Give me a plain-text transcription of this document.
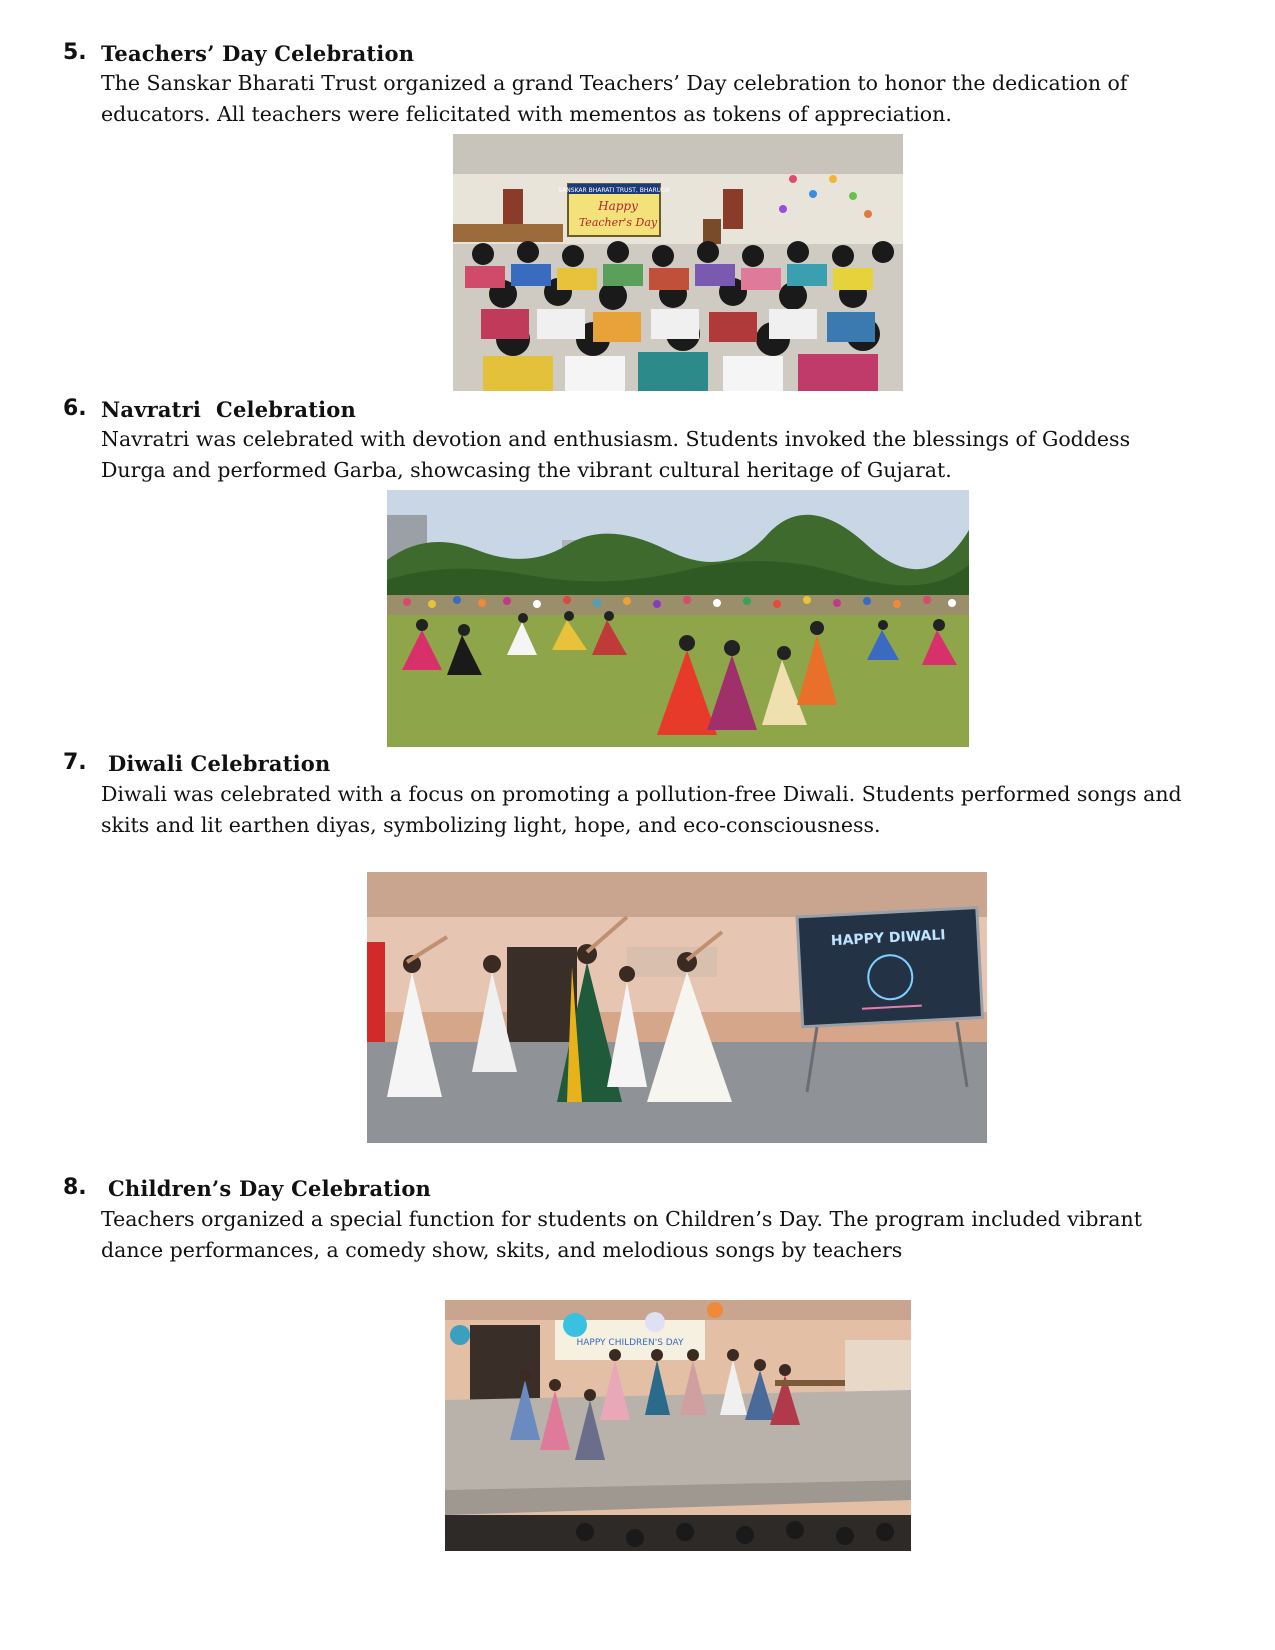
5. Teachers’ Day Celebration
The Sanskar Bharati Trust organized a grand Teachers’ Day celebration to honor the dedication of
educators. All teachers were felicitated with mementos as tokens of appreciation.
SANSKAR BHARATI TRUST, BHARUCH
Happy
Teacher's Day
6. Navratri  Celebration
Navratri was celebrated with devotion and enthusiasm. Students invoked the blessings of Goddess
Durga and performed Garba, showcasing the vibrant cultural heritage of Gujarat.
7. Diwali Celebration
Diwali was celebrated with a focus on promoting a pollution-free Diwali. Students performed songs and
skits and lit earthen diyas, symbolizing light, hope, and eco-consciousness.
HAPPY DIWALI
8. Children’s Day Celebration
Teachers organized a special function for students on Children’s Day. The program included vibrant
dance performances, a comedy show, skits, and melodious songs by teachers
HAPPY CHILDREN'S DAY
